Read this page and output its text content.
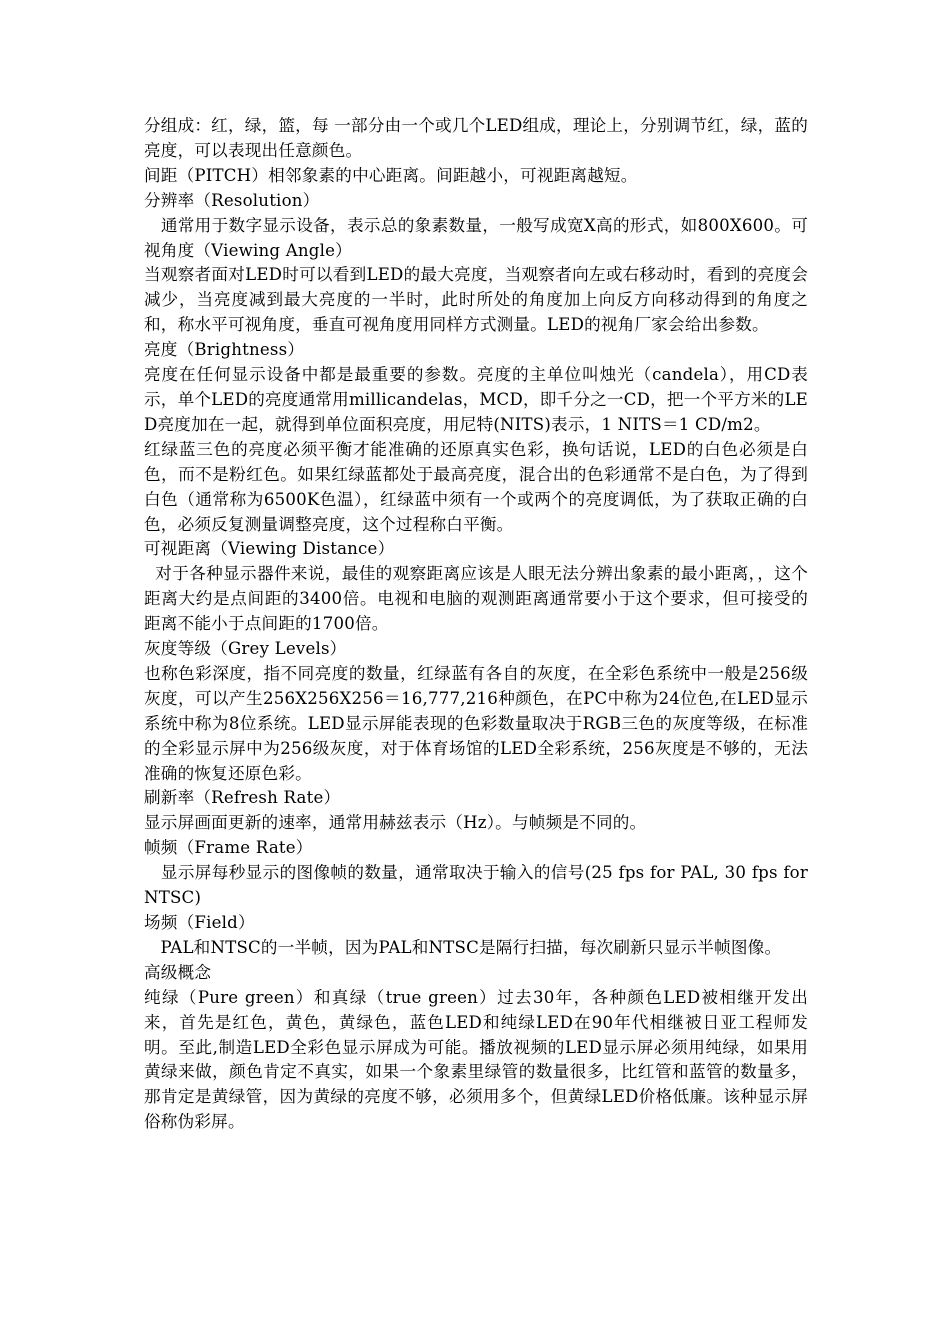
分组成：红，绿，篮，每 一部分由一个或几个LED组成，理论上，分别调节红，绿，蓝的亮度，可以表现出任意颜色。

间距（PITCH）相邻象素的中心距离。间距越小，可视距离越短。

分辨率（Resolution）

通常用于数字显示设备，表示总的象素数量，一般写成宽X高的形式，如800X600。可视角度（Viewing Angle）

当观察者面对LED时可以看到LED的最大亮度，当观察者向左或右移动时，看到的亮度会减少，当亮度减到最大亮度的一半时，此时所处的角度加上向反方向移动得到的角度之和，称水平可视角度，垂直可视角度用同样方式测量。LED的视角厂家会给出参数。

亮度（Brightness）

亮度在任何显示设备中都是最重要的参数。亮度的主单位叫烛光（candela），用CD表示，单个LED的亮度通常用millicandelas，MCD，即千分之一CD，把一个平方米的LED亮度加在一起，就得到单位面积亮度，用尼特(NITS)表示，1 NITS＝1 CD/m2。

红绿蓝三色的亮度必须平衡才能准确的还原真实色彩，换句话说，LED的白色必须是白色，而不是粉红色。如果红绿蓝都处于最高亮度，混合出的色彩通常不是白色，为了得到白色（通常称为6500K色温），红绿蓝中须有一个或两个的亮度调低，为了获取正确的白色，必须反复测量调整亮度，这个过程称白平衡。

可视距离（Viewing Distance）

对于各种显示器件来说，最佳的观察距离应该是人眼无法分辨出象素的最小距离，，这个距离大约是点间距的3400倍。电视和电脑的观测距离通常要小于这个要求，但可接受的距离不能小于点间距的1700倍。

灰度等级（Grey Levels）

也称色彩深度，指不同亮度的数量，红绿蓝有各自的灰度，在全彩色系统中一般是256级灰度，可以产生256X256X256＝16,777,216种颜色，在PC中称为24位色,在LED显示系统中称为8位系统。LED显示屏能表现的色彩数量取决于RGB三色的灰度等级，在标准的全彩显示屏中为256级灰度，对于体育场馆的LED全彩系统，256灰度是不够的，无法准确的恢复还原色彩。

刷新率（Refresh Rate）

显示屏画面更新的速率，通常用赫兹表示（Hz）。与帧频是不同的。

帧频（Frame Rate）

显示屏每秒显示的图像帧的数量，通常取决于输入的信号(25 fps for PAL, 30 fps for NTSC)

场频（Field）

PAL和NTSC的一半帧，因为PAL和NTSC是隔行扫描，每次刷新只显示半帧图像。

高级概念

纯绿（Pure green）和真绿（true green）过去30年，各种颜色LED被相继开发出来，首先是红色，黄色，黄绿色，蓝色LED和纯绿LED在90年代相继被日亚工程师发明。至此,制造LED全彩色显示屏成为可能。播放视频的LED显示屏必须用纯绿，如果用黄绿来做，颜色肯定不真实，如果一个象素里绿管的数量很多，比红管和蓝管的数量多，那肯定是黄绿管，因为黄绿的亮度不够，必须用多个，但黄绿LED价格低廉。该种显示屏俗称伪彩屏。
